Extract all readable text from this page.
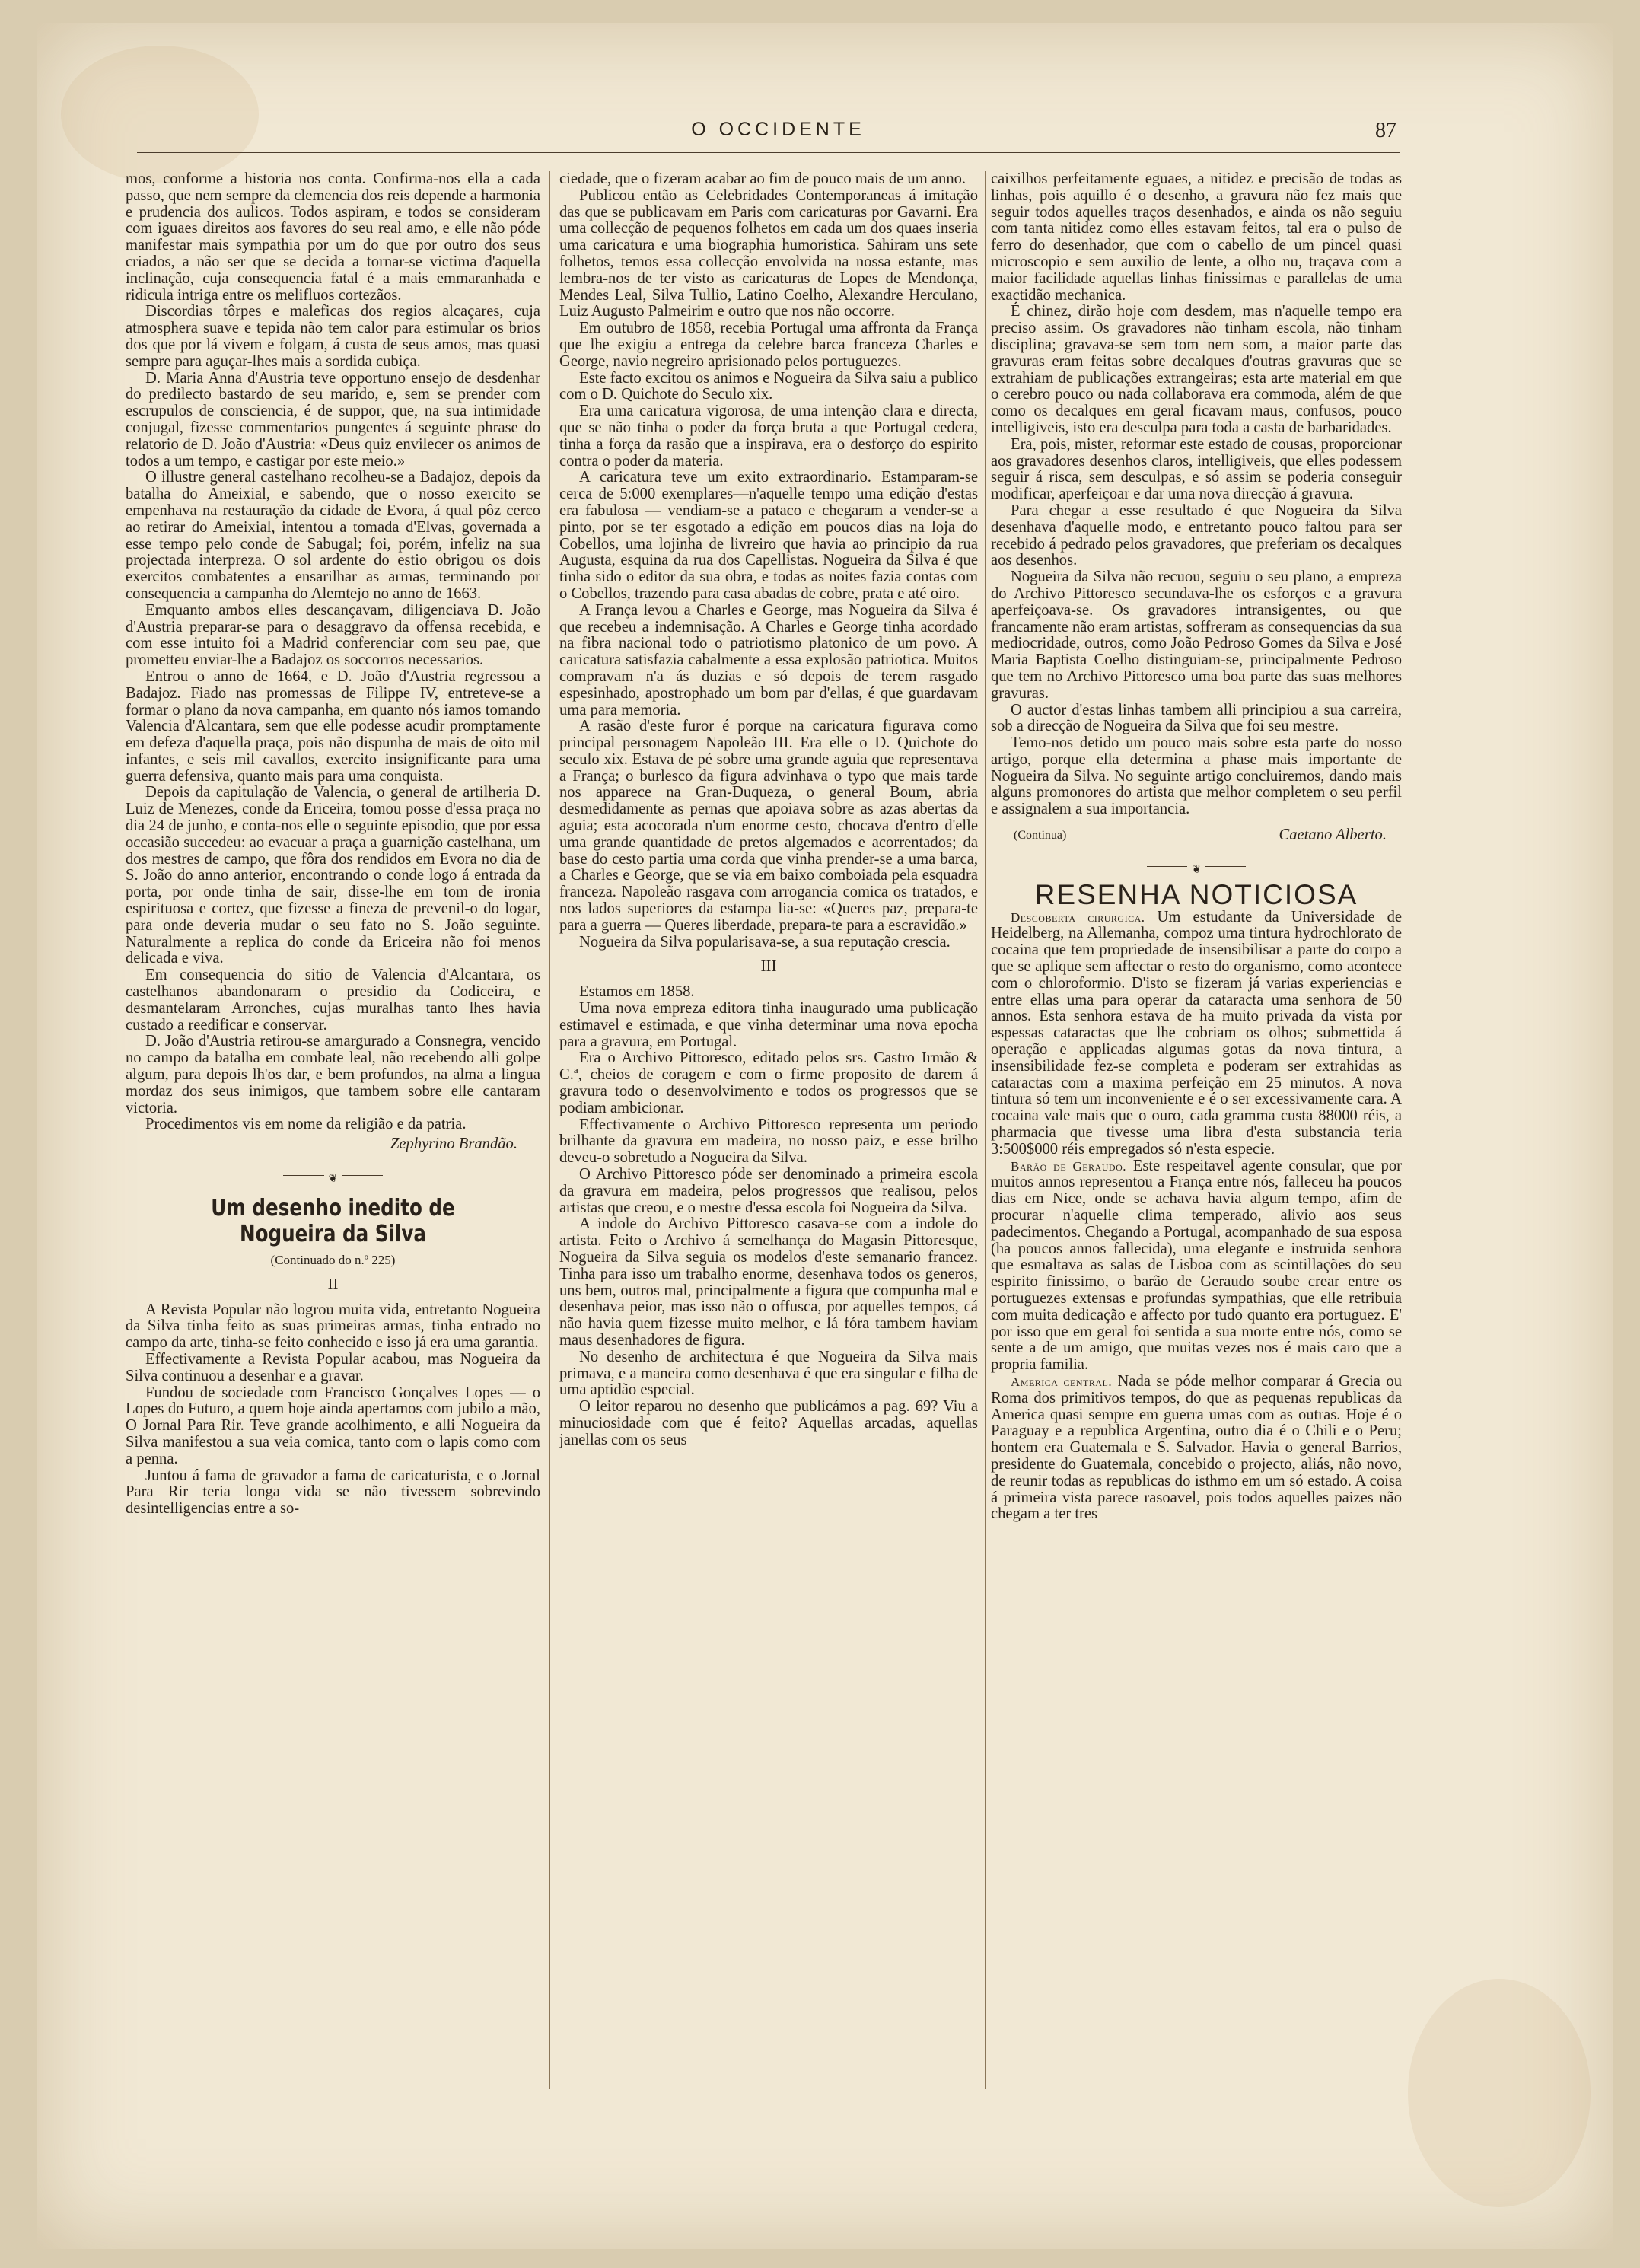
O OCCIDENTE	87

mos, conforme a historia nos conta. Confirma-nos ella a cada passo, que nem sempre da clemencia dos reis depende a harmonia e prudencia dos aulicos. Todos aspiram, e todos se consideram com iguaes direitos aos favores do seu real amo, e elle não póde manifestar mais sympathia por um do que por outro dos seus criados, a não ser que se decida a tornar-se victima d'aquella inclinação, cuja consequencia fatal é a mais emmaranhada e ridicula intriga entre os melifluos cortezãos.

Discordias tôrpes e maleficas dos regios alcaçares, cuja atmosphera suave e tepida não tem calor para estimular os brios dos que por lá vivem e folgam, á custa de seus amos, mas quasi sempre para aguçar-lhes mais a sordida cubiça.

D. Maria Anna d'Austria teve opportuno ensejo de desdenhar do predilecto bastardo de seu marido, e, sem se prender com escrupulos de consciencia, é de suppor, que, na sua intimidade conjugal, fizesse commentarios pungentes á seguinte phrase do relatorio de D. João d'Austria: «Deus quiz envilecer os animos de todos a um tempo, e castigar por este meio.»

O illustre general castelhano recolheu-se a Badajoz, depois da batalha do Ameixial, e sabendo, que o nosso exercito se empenhava na restauração da cidade de Evora, á qual pôz cerco ao retirar do Ameixial, intentou a tomada d'Elvas, governada a esse tempo pelo conde de Sabugal; foi, porém, infeliz na sua projectada interpreza. O sol ardente do estio obrigou os dois exercitos combatentes a ensarilhar as armas, terminando por consequencia a campanha do Alemtejo no anno de 1663.

Emquanto ambos elles descançavam, diligenciava D. João d'Austria preparar-se para o desaggravo da offensa recebida, e com esse intuito foi a Madrid conferenciar com seu pae, que prometteu enviar-lhe a Badajoz os soccorros necessarios.

Entrou o anno de 1664, e D. João d'Austria regressou a Badajoz. Fiado nas promessas de Filippe IV, entreteve-se a formar o plano da nova campanha, em quanto nós iamos tomando Valencia d'Alcantara, sem que elle podesse acudir promptamente em defeza d'aquella praça, pois não dispunha de mais de oito mil infantes, e seis mil cavallos, exercito insignificante para uma guerra defensiva, quanto mais para uma conquista.

Depois da capitulação de Valencia, o general de artilheria D. Luiz de Menezes, conde da Ericeira, tomou posse d'essa praça no dia 24 de junho, e conta-nos elle o seguinte episodio, que por essa occasião succedeu: ao evacuar a praça a guarnição castelhana, um dos mestres de campo, que fôra dos rendidos em Evora no dia de S. João do anno anterior, encontrando o conde logo á entrada da porta, por onde tinha de sair, disse-lhe em tom de ironia espirituosa e cortez, que fizesse a fineza de prevenil-o do logar, para onde deveria mudar o seu fato no S. João seguinte. Naturalmente a replica do conde da Ericeira não foi menos delicada e viva.

Em consequencia do sitio de Valencia d'Alcantara, os castelhanos abandonaram o presidio da Codiceira, e desmantelaram Arronches, cujas muralhas tanto lhes havia custado a reedificar e conservar.

D. João d'Austria retirou-se amargurado a Consnegra, vencido no campo da batalha em combate leal, não recebendo alli golpe algum, para depois lh'os dar, e bem profundos, na alma a lingua mordaz dos seus inimigos, que tambem sobre elle cantaram victoria.

Procedimentos vis em nome da religião e da patria.

Zephyrino Brandão.
❦
Um desenho inedito de Nogueira da Silva
(Continuado do n.º 225)
II

A Revista Popular não logrou muita vida, entretanto Nogueira da Silva tinha feito as suas primeiras armas, tinha entrado no campo da arte, tinha-se feito conhecido e isso já era uma garantia.

Effectivamente a Revista Popular acabou, mas Nogueira da Silva continuou a desenhar e a gravar.

Fundou de sociedade com Francisco Gonçalves Lopes — o Lopes do Futuro, a quem hoje ainda apertamos com jubilo a mão, O Jornal Para Rir. Teve grande acolhimento, e alli Nogueira da Silva manifestou a sua veia comica, tanto com o lapis como com a penna.

Juntou á fama de gravador a fama de caricaturista, e o Jornal Para Rir teria longa vida se não tivessem sobrevindo desintelligencias entre a so-

ciedade, que o fizeram acabar ao fim de pouco mais de um anno.

Publicou então as Celebridades Contemporaneas á imitação das que se publicavam em Paris com caricaturas por Gavarni. Era uma collecção de pequenos folhetos em cada um dos quaes inseria uma caricatura e uma biographia humoristica. Sahiram uns sete folhetos, temos essa collecção envolvida na nossa estante, mas lembra-nos de ter visto as caricaturas de Lopes de Mendonça, Mendes Leal, Silva Tullio, Latino Coelho, Alexandre Herculano, Luiz Augusto Palmeirim e outro que nos não occorre.

Em outubro de 1858, recebia Portugal uma affronta da França que lhe exigiu a entrega da celebre barca franceza Charles e George, navio negreiro aprisionado pelos portuguezes.

Este facto excitou os animos e Nogueira da Silva saiu a publico com o D. Quichote do Seculo xix.

Era uma caricatura vigorosa, de uma intenção clara e directa, que se não tinha o poder da força bruta a que Portugal cedera, tinha a força da rasão que a inspirava, era o desforço do espirito contra o poder da materia.

A caricatura teve um exito extraordinario. Estamparam-se cerca de 5:000 exemplares—n'aquelle tempo uma edição d'estas era fabulosa — vendiam-se a pataco e chegaram a vender-se a pinto, por se ter esgotado a edição em poucos dias na loja do Cobellos, uma lojinha de livreiro que havia ao principio da rua Augusta, esquina da rua dos Capellistas. Nogueira da Silva é que tinha sido o editor da sua obra, e todas as noites fazia contas com o Cobellos, trazendo para casa abadas de cobre, prata e até oiro.

A França levou a Charles e George, mas Nogueira da Silva é que recebeu a indemnisação. A Charles e George tinha acordado na fibra nacional todo o patriotismo platonico de um povo. A caricatura satisfazia cabalmente a essa explosão patriotica. Muitos compravam n'a ás duzias e só depois de terem rasgado espesinhado, apostrophado um bom par d'ellas, é que guardavam uma para memoria.

A rasão d'este furor é porque na caricatura figurava como principal personagem Napoleão III. Era elle o D. Quichote do seculo xix. Estava de pé sobre uma grande aguia que representava a França; o burlesco da figura advinhava o typo que mais tarde nos apparece na Gran-Duqueza, o general Boum, abria desmedidamente as pernas que apoiava sobre as azas abertas da aguia; esta acocorada n'um enorme cesto, chocava d'entro d'elle uma grande quantidade de pretos algemados e acorrentados; da base do cesto partia uma corda que vinha prender-se a uma barca, a Charles e George, que se via em baixo comboiada pela esquadra franceza. Napoleão rasgava com arrogancia comica os tratados, e nos lados superiores da estampa lia-se: «Queres paz, prepara-te para a guerra — Queres liberdade, prepara-te para a escravidão.»

Nogueira da Silva popularisava-se, a sua reputação crescia.

III

Estamos em 1858.

Uma nova empreza editora tinha inaugurado uma publicação estimavel e estimada, e que vinha determinar uma nova epocha para a gravura, em Portugal.

Era o Archivo Pittoresco, editado pelos srs. Castro Irmão & C.ª, cheios de coragem e com o firme proposito de darem á gravura todo o desenvolvimento e todos os progressos que se podiam ambicionar.

Effectivamente o Archivo Pittoresco representa um periodo brilhante da gravura em madeira, no nosso paiz, e esse brilho deveu-o sobretudo a Nogueira da Silva.

O Archivo Pittoresco póde ser denominado a primeira escola da gravura em madeira, pelos progressos que realisou, pelos artistas que creou, e o mestre d'essa escola foi Nogueira da Silva.

A indole do Archivo Pittoresco casava-se com a indole do artista. Feito o Archivo á semelhança do Magasin Pittoresque, Nogueira da Silva seguia os modelos d'este semanario francez. Tinha para isso um trabalho enorme, desenhava todos os generos, uns bem, outros mal, principalmente a figura que compunha mal e desenhava peior, mas isso não o offusca, por aquelles tempos, cá não havia quem fizesse muito melhor, e lá fóra tambem haviam maus desenhadores de figura.

No desenho de architectura é que Nogueira da Silva mais primava, e a maneira como desenhava é que era singular e filha de uma aptidão especial.

O leitor reparou no desenho que publicámos a pag. 69? Viu a minuciosidade com que é feito? Aquellas arcadas, aquellas janellas com os seus

caixilhos perfeitamente eguaes, a nitidez e precisão de todas as linhas, pois aquillo é o desenho, a gravura não fez mais que seguir todos aquelles traços desenhados, e ainda os não seguiu com tanta nitidez como elles estavam feitos, tal era o pulso de ferro do desenhador, que com o cabello de um pincel quasi microscopio e sem auxilio de lente, a olho nu, traçava com a maior facilidade aquellas linhas finissimas e parallelas de uma exactidão mechanica.

É chinez, dirão hoje com desdem, mas n'aquelle tempo era preciso assim. Os gravadores não tinham escola, não tinham disciplina; gravava-se sem tom nem som, a maior parte das gravuras eram feitas sobre decalques d'outras gravuras que se extrahiam de publicações extrangeiras; esta arte material em que o cerebro pouco ou nada collaborava era commoda, além de que como os decalques em geral ficavam maus, confusos, pouco intelligiveis, isto era desculpa para toda a casta de barbaridades.

Era, pois, mister, reformar este estado de cousas, proporcionar aos gravadores desenhos claros, intelligiveis, que elles podessem seguir á risca, sem desculpas, e só assim se poderia conseguir modificar, aperfeiçoar e dar uma nova direcção á gravura.

Para chegar a esse resultado é que Nogueira da Silva desenhava d'aquelle modo, e entretanto pouco faltou para ser recebido á pedrado pelos gravadores, que preferiam os decalques aos desenhos.

Nogueira da Silva não recuou, seguiu o seu plano, a empreza do Archivo Pittoresco secundava-lhe os esforços e a gravura aperfeiçoava-se. Os gravadores intransigentes, ou que francamente não eram artistas, soffreram as consequencias da sua mediocridade, outros, como João Pedroso Gomes da Silva e José Maria Baptista Coelho distinguiam-se, principalmente Pedroso que tem no Archivo Pittoresco uma boa parte das suas melhores gravuras.

O auctor d'estas linhas tambem alli principiou a sua carreira, sob a direcção de Nogueira da Silva que foi seu mestre.

Temo-nos detido um pouco mais sobre esta parte do nosso artigo, porque ella determina a phase mais importante de Nogueira da Silva. No seguinte artigo concluiremos, dando mais alguns promonores do artista que melhor completem o seu perfil e assignalem a sua importancia.

(Continua)	Caetano Alberto.
❦
RESENHA NOTICIOSA

Descoberta cirurgica. Um estudante da Universidade de Heidelberg, na Allemanha, compoz uma tintura hydrochlorato de cocaina que tem propriedade de insensibilisar a parte do corpo a que se aplique sem affectar o resto do organismo, como acontece com o chloroformio. D'isto se fizeram já varias experiencias e entre ellas uma para operar da cataracta uma senhora de 50 annos. Esta senhora estava de ha muito privada da vista por espessas cataractas que lhe cobriam os olhos; submettida á operação e applicadas algumas gotas da nova tintura, a insensibilidade fez-se completa e poderam ser extrahidas as cataractas com a maxima perfeição em 25 minutos. A nova tintura só tem um inconveniente e é o ser excessivamente cara. A cocaina vale mais que o ouro, cada gramma custa 88000 réis, a pharmacia que tivesse uma libra d'esta substancia teria 3:500$000 réis empregados só n'esta especie.

Barão de Geraudo. Este respeitavel agente consular, que por muitos annos representou a França entre nós, falleceu ha poucos dias em Nice, onde se achava havia algum tempo, afim de procurar n'aquelle clima temperado, alivio aos seus padecimentos. Chegando a Portugal, acompanhado de sua esposa (ha poucos annos fallecida), uma elegante e instruida senhora que esmaltava as salas de Lisboa com as scintillações do seu espirito finissimo, o barão de Geraudo soube crear entre os portuguezes extensas e profundas sympathias, que elle retribuia com muita dedicação e affecto por tudo quanto era portuguez. E' por isso que em geral foi sentida a sua morte entre nós, como se sente a de um amigo, que muitas vezes nos é mais caro que a propria familia.

America central. Nada se póde melhor comparar á Grecia ou Roma dos primitivos tempos, do que as pequenas republicas da America quasi sempre em guerra umas com as outras. Hoje é o Paraguay e a republica Argentina, outro dia é o Chili e o Peru; hontem era Guatemala e S. Salvador. Havia o general Barrios, presidente do Guatemala, concebido o projecto, aliás, não novo, de reunir todas as republicas do isthmo em um só estado. A coisa á primeira vista parece rasoavel, pois todos aquelles paizes não chegam a ter tres
